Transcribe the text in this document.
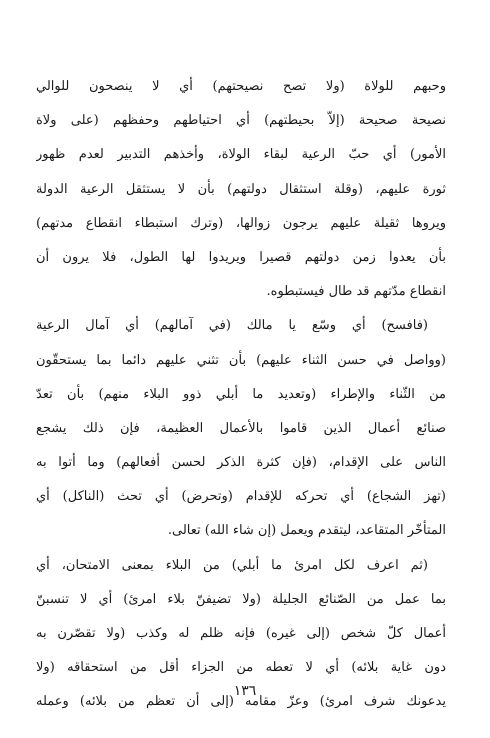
وحبهم للولاة (ولا تصح نصيحتهم) أي لا ينصحون للوالي
نصيحة صحيحة (إلاّ بحيطتهم) أي احتياطهم وحفظهم (على ولاة
الأمور) أي حبّ الرعية لبقاء الولاة، وأخذهم التدبير لعدم ظهور
ثورة عليهم، (وقلة استثقال دولتهم) بأن لا يستثقل الرعية الدولة
ويروها ثقيلة عليهم يرجون زوالها، (وترك استبطاء انقطاع مدتهم)
بأن يعدوا زمن دولتهم قصيرا ويريدوا لها الطول، فلا يرون أن
انقطاع مدّتهم قد طال فيستبطوه.

(فافسح) أي وسّع يا مالك (في آمالهم) أي آمال الرعية
(وواصل في حسن الثناء عليهم) بأن تثني عليهم دائما بما يستحقّون
من الثّناء والإطراء (وتعديد ما أبلي ذوو البلاء منهم) بأن تعدّ
صنائع أعمال الذين قاموا بالأعمال العظيمة، فإن ذلك يشجع
الناس على الإقدام، (فإن كثرة الذكر لحسن أفعالهم) وما أتوا به
(تهز الشجاع) أي تحركه للإقدام (وتحرض) أي تحث (الناكل) أي
المتأخّر المتقاعد، ليتقدم ويعمل (إن شاء الله) تعالى.

(ثم اعرف لكل امرئ ما أبلي) من البلاء بمعنى الامتحان، أي
بما عمل من الصّنائع الجليلة (ولا تضيفنّ بلاء امرئ) أي لا تنسبنّ
أعمال كلّ شخص (إلى غيره) فإنه ظلم له وكذب (ولا تقصّرن به
دون غاية بلائه) أي لا تعطه من الجزاء أقل من استحقاقه (ولا
يدعونك شرف امرئ) وعزّ مقامه (إلى أن تعظم من بلائه) وعمله

١٣٦
